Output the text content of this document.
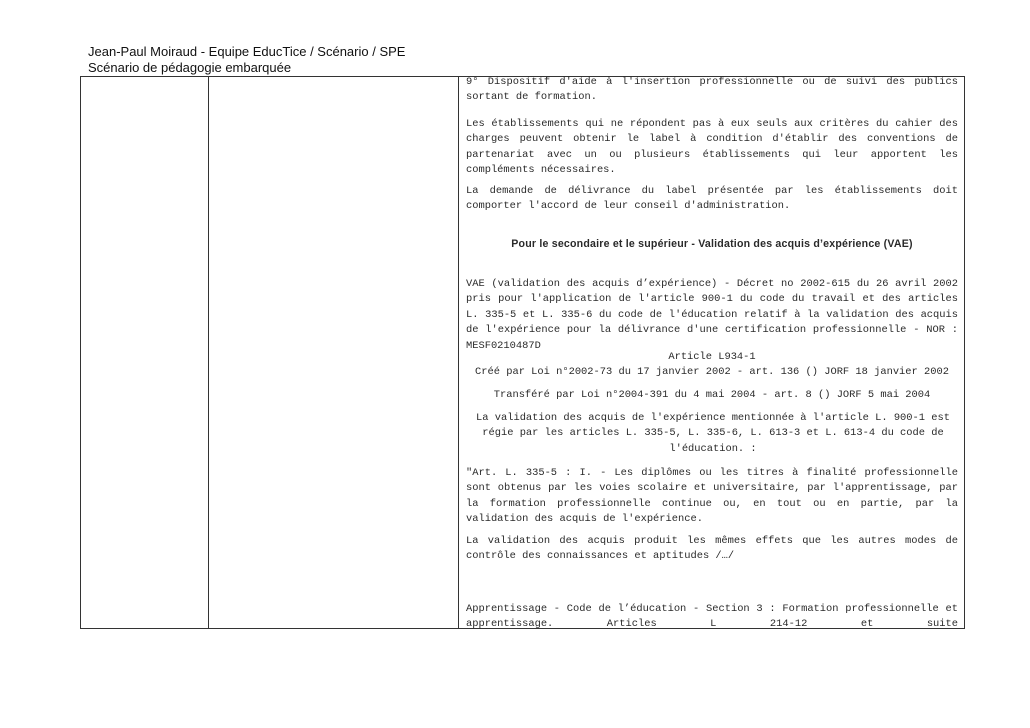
Jean-Paul Moiraud - Equipe EducTice / Scénario / SPE
Scénario de pédagogie embarquée

9° Dispositif d'aide à l'insertion professionnelle ou de suivi des publics sortant de formation.

Les établissements qui ne répondent pas à eux seuls aux critères du cahier des charges peuvent obtenir le label à condition d'établir des conventions de partenariat avec un ou plusieurs établissements qui leur apportent les compléments nécessaires.

La demande de délivrance du label présentée par les établissements doit comporter l'accord de leur conseil d'administration.

Pour le secondaire et le supérieur - Validation des acquis d’expérience (VAE)

VAE (validation des acquis d’expérience) - Décret no 2002-615 du 26 avril 2002 pris pour l'application de l'article 900-1 du code du travail et des articles L. 335-5 et L. 335-6 du code de l'éducation relatif à la validation des acquis de l'expérience pour la délivrance d'une certification professionnelle - NOR : MESF0210487D

Article L934-1

Créé par Loi n°2002-73 du 17 janvier 2002 - art. 136 () JORF 18 janvier 2002

Transféré par Loi n°2004-391 du 4 mai 2004 - art. 8 () JORF 5 mai 2004

La validation des acquis de l'expérience mentionnée à l'article L. 900-1 est régie par les articles L. 335-5, L. 335-6, L. 613-3 et L. 613-4 du code de l'éducation. :

"Art. L. 335-5 : I. - Les diplômes ou les titres à finalité professionnelle sont obtenus par les voies scolaire et universitaire, par l'apprentissage, par la formation professionnelle continue ou, en tout ou en partie, par la validation des acquis de l'expérience.

La validation des acquis produit les mêmes effets que les autres modes de contrôle des connaissances et aptitudes /…/

Apprentissage - Code de l’éducation - Section 3 : Formation professionnelle et apprentissage. Articles L 214-12 et suite
